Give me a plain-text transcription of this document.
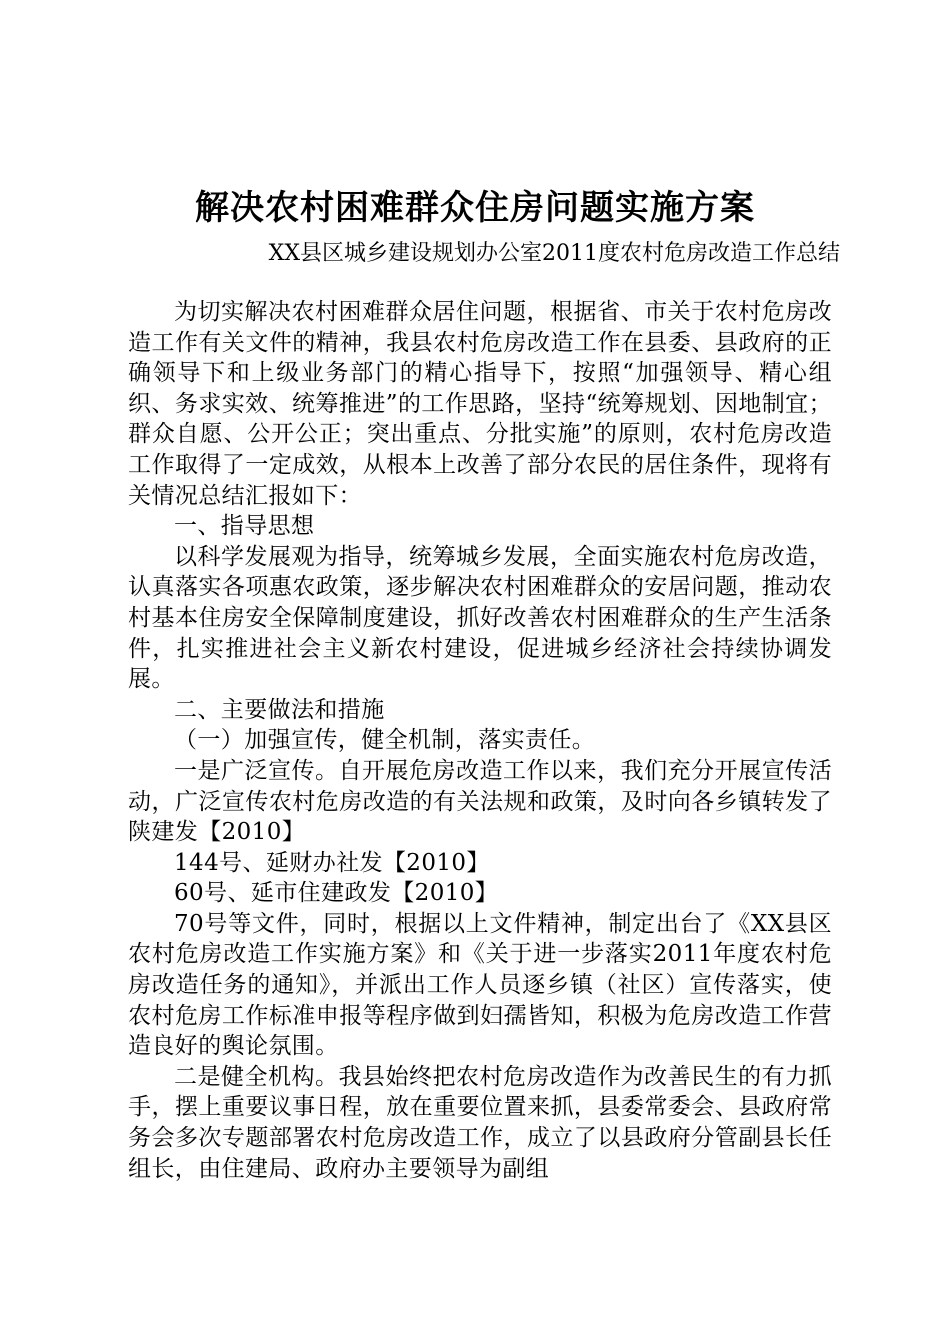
解决农村困难群众住房问题实施方案
XX县区城乡建设规划办公室2011度农村危房改造工作总结

为切实解决农村困难群众居住问题，根据省、市关于农村危房改造工作有关文件的精神，我县农村危房改造工作在县委、县政府的正确领导下和上级业务部门的精心指导下，按照“加强领导、精心组织、务求实效、统筹推进”的工作思路，坚持“统筹规划、因地制宜；群众自愿、公开公正；突出重点、分批实施”的原则，农村危房改造工作取得了一定成效，从根本上改善了部分农民的居住条件，现将有关情况总结汇报如下：

一、指导思想

以科学发展观为指导，统筹城乡发展，全面实施农村危房改造，认真落实各项惠农政策，逐步解决农村困难群众的安居问题，推动农村基本住房安全保障制度建设，抓好改善农村困难群众的生产生活条件，扎实推进社会主义新农村建设，促进城乡经济社会持续协调发展。

二、主要做法和措施

（一）加强宣传，健全机制，落实责任。

一是广泛宣传。自开展危房改造工作以来，我们充分开展宣传活动，广泛宣传农村危房改造的有关法规和政策，及时向各乡镇转发了陕建发【2010】

144号、延财办社发【2010】

60号、延市住建政发【2010】

70号等文件，同时，根据以上文件精神，制定出台了《XX县区农村危房改造工作实施方案》和《关于进一步落实2011年度农村危房改造任务的通知》，并派出工作人员逐乡镇（社区）宣传落实，使农村危房工作标准申报等程序做到妇孺皆知，积极为危房改造工作营造良好的舆论氛围。

二是健全机构。我县始终把农村危房改造作为改善民生的有力抓手，摆上重要议事日程，放在重要位置来抓，县委常委会、县政府常务会多次专题部署农村危房改造工作，成立了以县政府分管副县长任组长，由住建局、政府办主要领导为副组
